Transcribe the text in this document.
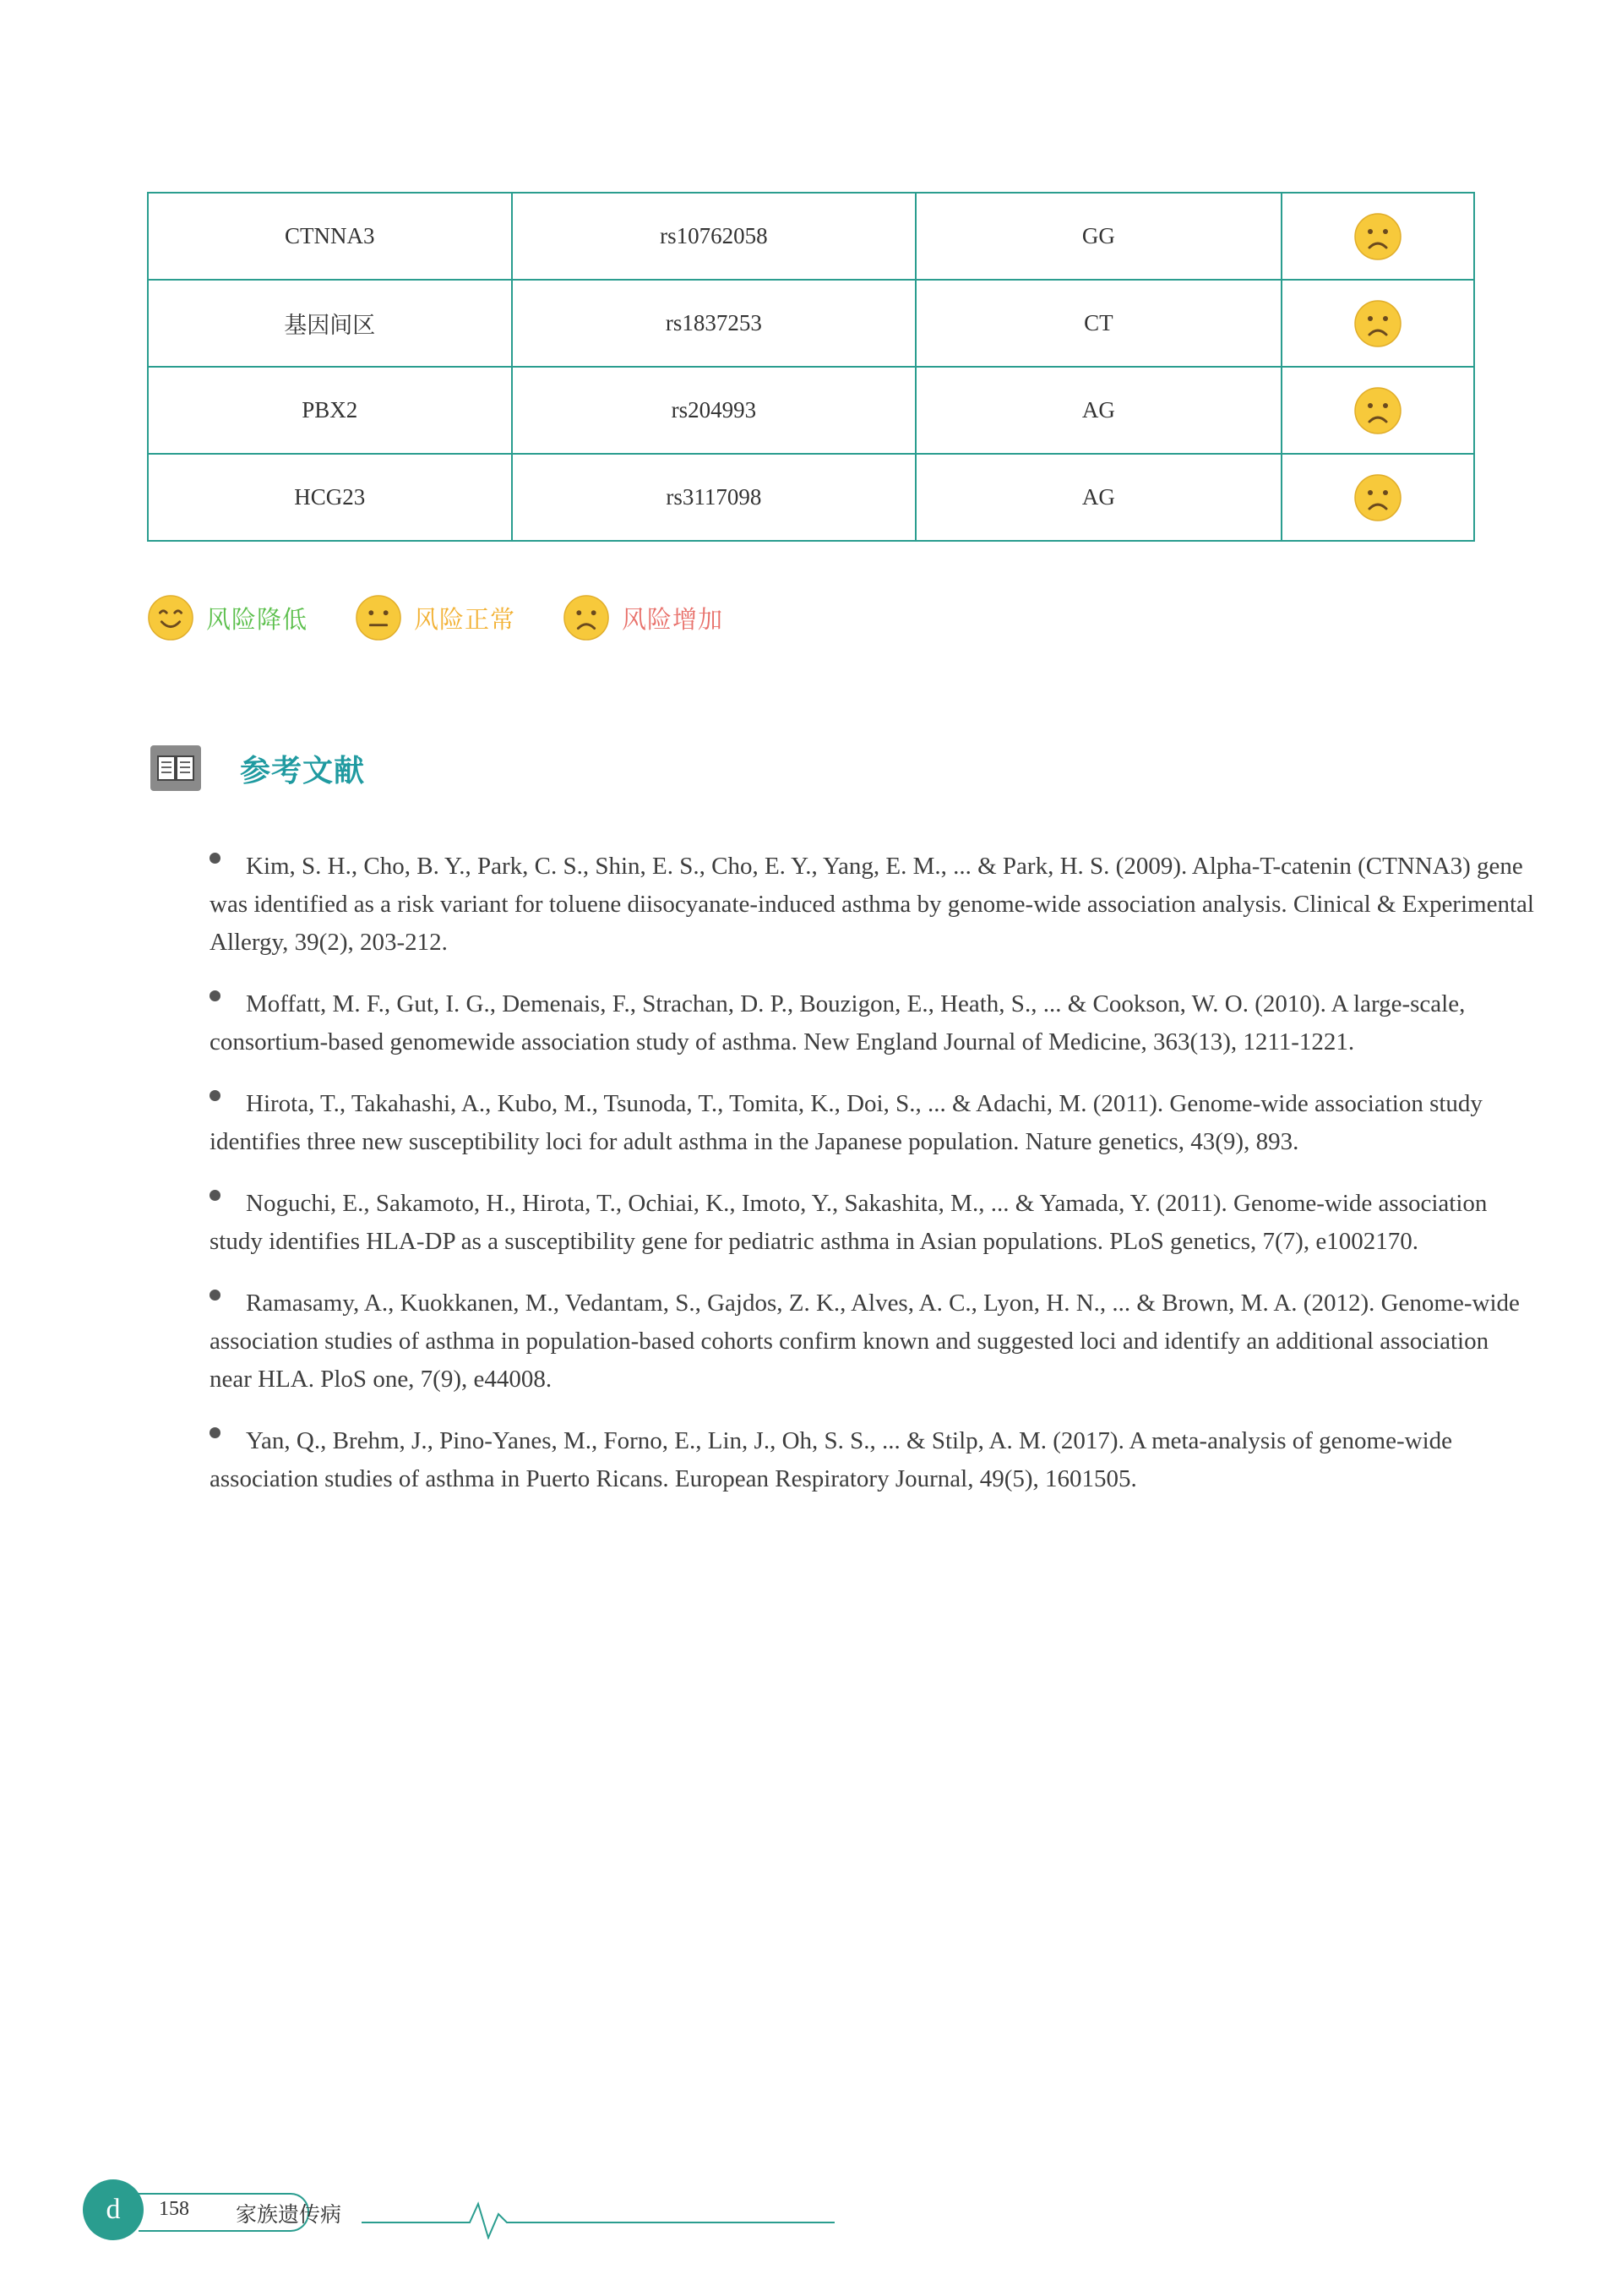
CTNNA3	rs10762058	GG	
基因间区	rs1837253	CT	
PBX2	rs204993	AG	
HCG23	rs3117098	AG	
风险降低	风险正常	风险增加
参考文献
Kim, S. H., Cho, B. Y., Park, C. S., Shin, E. S., Cho, E. Y., Yang, E. M., ... & Park, H. S. (2009). Alpha-T-catenin (CTNNA3) gene was identified as a risk variant for toluene diisocyanate-induced asthma by genome-wide association analysis. Clinical & Experimental Allergy, 39(2), 203-212.
Moffatt, M. F., Gut, I. G., Demenais, F., Strachan, D. P., Bouzigon, E., Heath, S., ... & Cookson, W. O. (2010). A large-scale, consortium-based genomewide association study of asthma. New England Journal of Medicine, 363(13), 1211-1221.
Hirota, T., Takahashi, A., Kubo, M., Tsunoda, T., Tomita, K., Doi, S., ... & Adachi, M. (2011). Genome-wide association study identifies three new susceptibility loci for adult asthma in the Japanese population. Nature genetics, 43(9), 893.
Noguchi, E., Sakamoto, H., Hirota, T., Ochiai, K., Imoto, Y., Sakashita, M., ... & Yamada, Y. (2011). Genome-wide association study identifies HLA-DP as a susceptibility gene for pediatric asthma in Asian populations. PLoS genetics, 7(7), e1002170.
Ramasamy, A., Kuokkanen, M., Vedantam, S., Gajdos, Z. K., Alves, A. C., Lyon, H. N., ... & Brown, M. A. (2012). Genome-wide association studies of asthma in population-based cohorts confirm known and suggested loci and identify an additional association near HLA. PloS one, 7(9), e44008.
Yan, Q., Brehm, J., Pino-Yanes, M., Forno, E., Lin, J., Oh, S. S., ... & Stilp, A. M. (2017). A meta-analysis of genome-wide association studies of asthma in Puerto Ricans. European Respiratory Journal, 49(5), 1601505.
d	158 家族遗传病
